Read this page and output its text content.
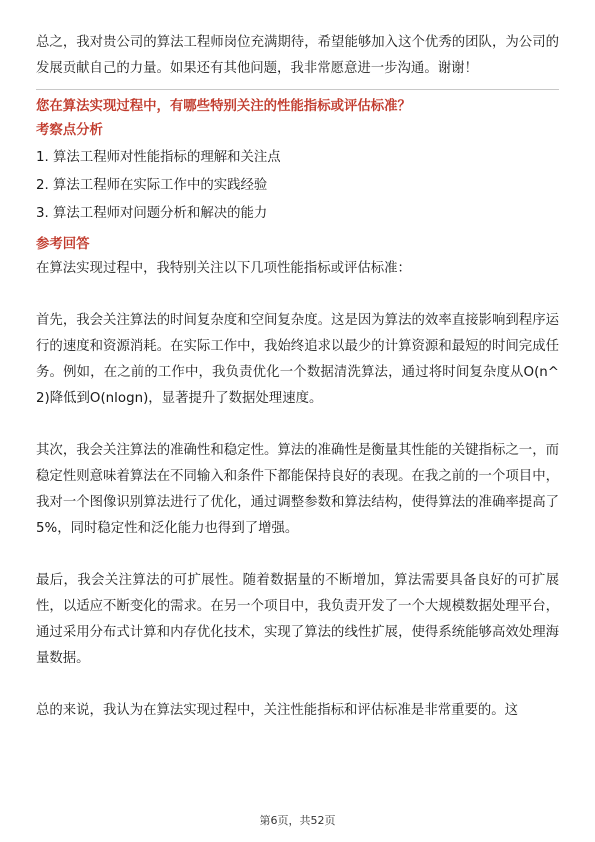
总之，我对贵公司的算法工程师岗位充满期待，希望能够加入这个优秀的团队，为公司的发展贡献自己的力量。如果还有其他问题，我非常愿意进一步沟通。谢谢！

您在算法实现过程中，有哪些特别关注的性能指标或评估标准？

考察点分析

1. 算法工程师对性能指标的理解和关注点

2. 算法工程师在实际工作中的实践经验

3. 算法工程师对问题分析和解决的能力

参考回答

在算法实现过程中，我特别关注以下几项性能指标或评估标准：

首先，我会关注算法的时间复杂度和空间复杂度。这是因为算法的效率直接影响到程序运行的速度和资源消耗。在实际工作中，我始终追求以最少的计算资源和最短的时间完成任务。例如，在之前的工作中，我负责优化一个数据清洗算法，通过将时间复杂度从O(n^2)降低到O(nlogn)，显著提升了数据处理速度。

其次，我会关注算法的准确性和稳定性。算法的准确性是衡量其性能的关键指标之一，而稳定性则意味着算法在不同输入和条件下都能保持良好的表现。在我之前的一个项目中，我对一个图像识别算法进行了优化，通过调整参数和算法结构，使得算法的准确率提高了5%，同时稳定性和泛化能力也得到了增强。

最后，我会关注算法的可扩展性。随着数据量的不断增加，算法需要具备良好的可扩展性，以适应不断变化的需求。在另一个项目中，我负责开发了一个大规模数据处理平台，通过采用分布式计算和内存优化技术，实现了算法的线性扩展，使得系统能够高效处理海量数据。

总的来说，我认为在算法实现过程中，关注性能指标和评估标准是非常重要的。这

第6页，共52页
